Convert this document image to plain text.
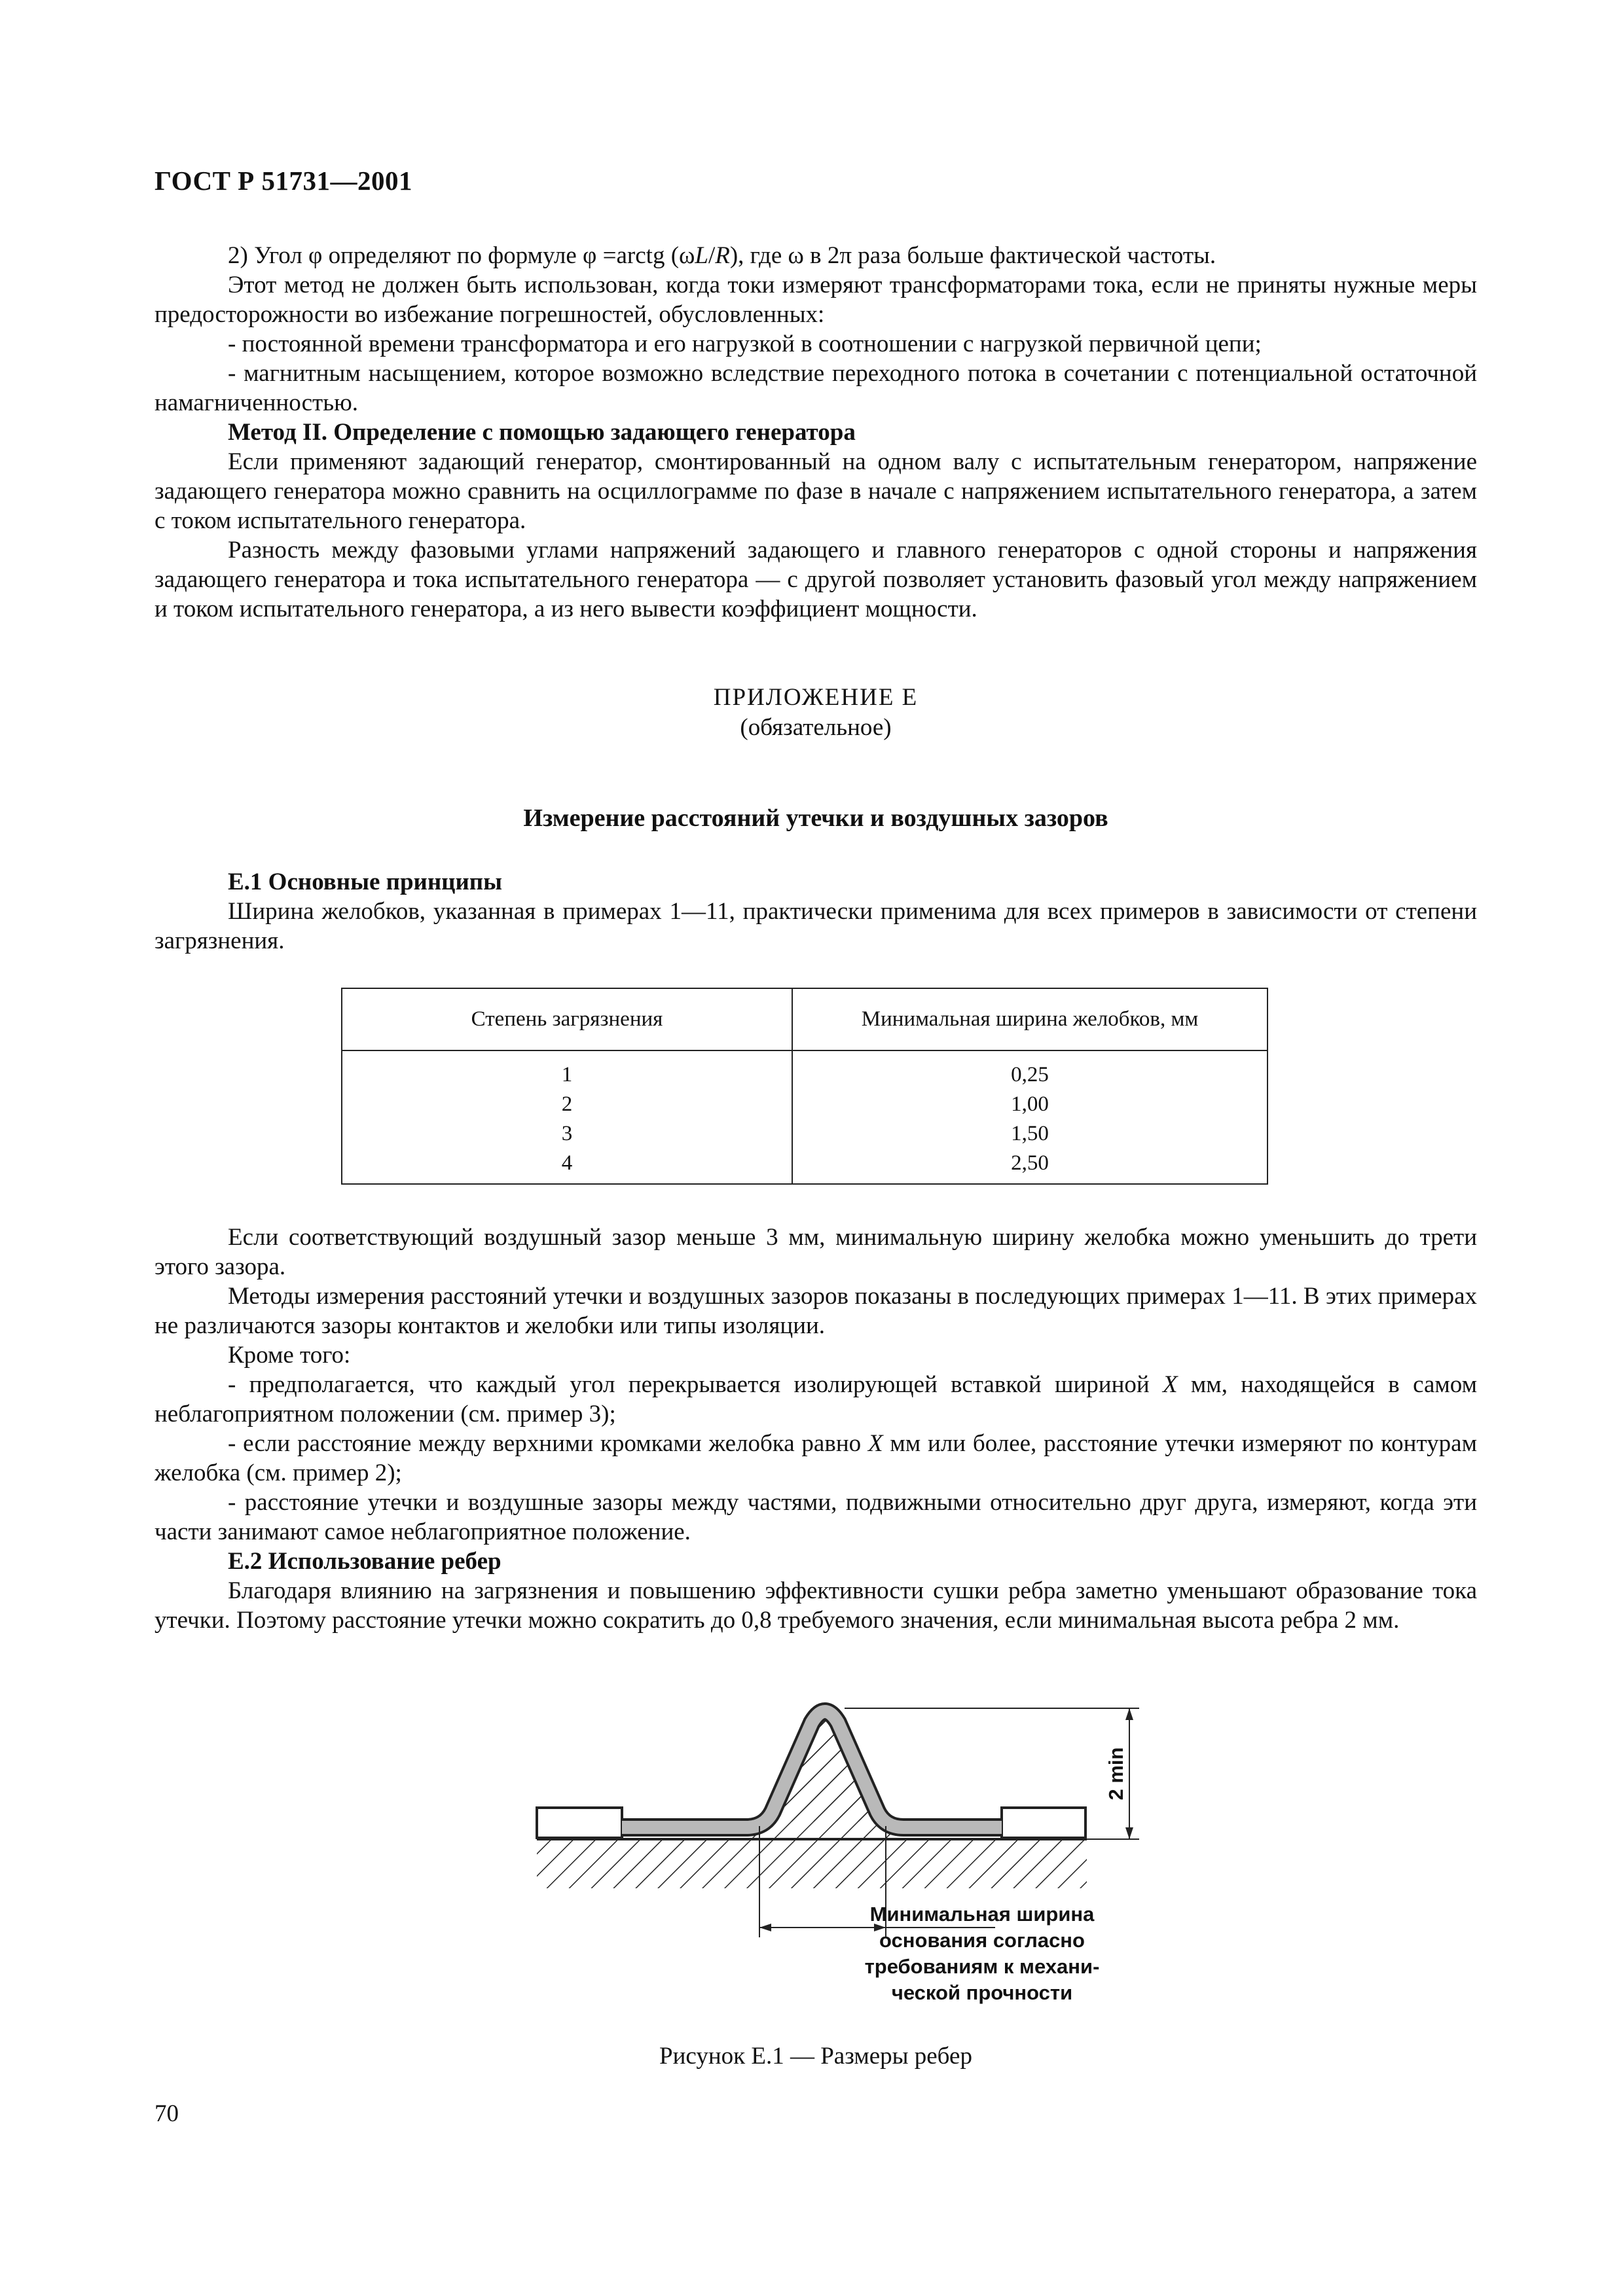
ГОСТ Р 51731—2001

2) Угол φ определяют по формуле φ =arctg (ωL/R), где ω в 2π раза больше фактической частоты.

Этот метод не должен быть использован, когда токи измеряют трансформаторами тока, если не приняты нужные меры предосторожности во избежание погрешностей, обусловленных:

- постоянной времени трансформатора и его нагрузкой в соотношении с нагрузкой первичной цепи;

- магнитным насыщением, которое возможно вследствие переходного потока в сочетании с потенциальной остаточной намагниченностью.

Метод II. Определение с помощью задающего генератора

Если применяют задающий генератор, смонтированный на одном валу с испытательным генератором, напряжение задающего генератора можно сравнить на осциллограмме по фазе в начале с напряжением испытательного генератора, а затем с током испытательного генератора.

Разность между фазовыми углами напряжений задающего и главного генераторов с одной стороны и напряжения задающего генератора и тока испытательного генератора — с другой позволяет установить фазовый угол между напряжением и током испытательного генератора, а из него вывести коэффициент мощности.

ПРИЛОЖЕНИЕ Е
(обязательное)
Измерение расстояний утечки и воздушных зазоров

Е.1 Основные принципы

Ширина желобков, указанная в примерах 1—11, практически применима для всех примеров в зависимости от степени загрязнения.

Степень загрязнения	Минимальная ширина желобков, мм
1	0,25
2	1,00
3	1,50
4	2,50

Если соответствующий воздушный зазор меньше 3 мм, минимальную ширину желобка можно уменьшить до трети этого зазора.

Методы измерения расстояний утечки и воздушных зазоров показаны в последующих примерах 1—11. В этих примерах не различаются зазоры контактов и желобки или типы изоляции.

Кроме того:

- предполагается, что каждый угол перекрывается изолирующей вставкой шириной X мм, находящейся в самом неблагоприятном положении (см. пример 3);

- если расстояние между верхними кромками желобка равно X мм или более, расстояние утечки измеряют по контурам желобка (см. пример 2);

- расстояние утечки и воздушные зазоры между частями, подвижными относительно друг друга, измеряют, когда эти части занимают самое неблагоприятное положение.

Е.2 Использование ребер

Благодаря влиянию на загрязнения и повышению эффективности сушки ребра заметно уменьшают образование тока утечки. Поэтому расстояние утечки можно сократить до 0,8 требуемого значения, если минимальная высота ребра 2 мм.

2 min
Минимальная ширина
основания согласно
требованиям к механи-
ческой прочности
Рисунок Е.1 — Размеры ребер
70
